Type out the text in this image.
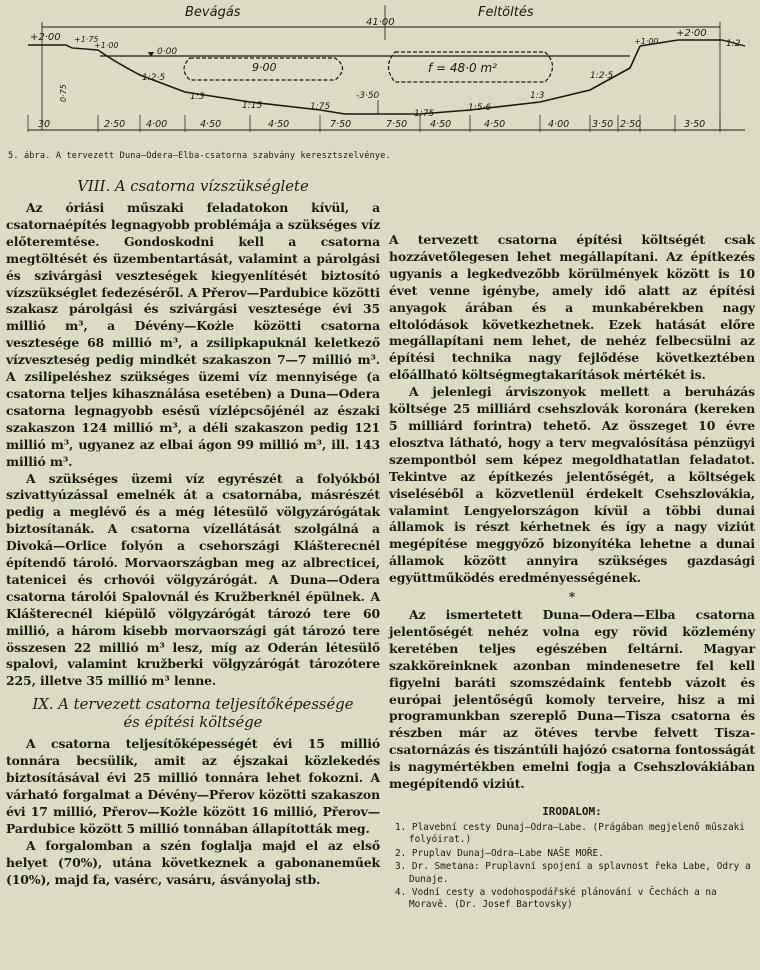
Bevágás	Feltöltés
41·00
0·00
9·00	f = 48·0 m²
+2·00 +1·75
+1·00	+1·00
+2·00
1:2
-3·50
0·75
1:2·5
1:3
1:15	1:75
1:75
1:5·6
1:3
1:2·5
30	2·50 4·00	4·50	4·50	7·50	7·50 4·50	4·50	4·00 3·50 2·50	3·50
5. ábra. A tervezett Duna—Odera—Elba-csatorna szabvány keresztszelvénye.
VIII. A csatorna vízszükséglete

Az óriási műszaki feladatokon kívül, a csatornaépítés legnagyobb problémája a szükséges víz előteremtése. Gondoskodni kell a csatorna megtöltését és üzembentartását, valamint a párolgási és szivárgási veszteségek kiegyenlítését biztosító vízszükséglet fedezéséről. A Přerov—Pardubice közötti szakasz párolgási és szivárgási vesztesége évi 35 millió m³, a Dévény—Kożle közötti csatorna vesztesége 68 millió m³, a zsilipkapuknál keletkező vízveszteség pedig mindkét szakaszon 7—7 millió m³. A zsilipeléshez szükséges üzemi víz mennyisége (a csatorna teljes kihasználása esetében) a Duna—Odera csatorna legnagyobb esésű vízlépcsőjénél az északi szakaszon 124 millió m³, a déli szakaszon pedig 121 millió m³, ugyanez az elbai ágon 99 millió m³, ill. 143 millió m³.

A szükséges üzemi víz egyrészét a folyókból szivattyúzással emelnék át a csatornába, másrészét pedig a meglévő és a még létesülő völgyzárógátak biztosítanák. A csatorna vízellátását szolgálná a Divoká—Orlice folyón a csehországi Klášterecnél építendő tároló. Morvaországban meg az albrecticei, tatenicei és crhovói völgyzárógát. A Duna—Odera csatorna tárolói Spalovnál és Kružberknél épülnek. A Klášterecnél kiépülő völgyzárógát tározó tere 60 millió, a három kisebb morvaországi gát tározó tere összesen 22 millió m³ lesz, míg az Oderán létesülő spalovi, valamint kružberki völgyzárógát tározótere 225, illetve 35 millió m³ lenne.

IX. A tervezett csatorna teljesítőképessége
és építési költsége

A csatorna teljesítőképességét évi 15 millió tonnára becsülik, amit az éjszakai közlekedés biztosításával évi 25 millió tonnára lehet fokozni. A várható forgalmat a Dévény—Přerov közötti szakaszon évi 17 millió, Přerov—Kożle között 16 millió, Přerov—Pardubice között 5 millió tonnában állapították meg.

A forgalomban a szén foglalja majd el az első helyet (70%), utána következnek a gabonaneműek (10%), majd fa, vasérc, vasáru, ásványolaj stb.

A tervezett csatorna építési költségét csak hozzávetőlegesen lehet megállapítani. Az építkezés ugyanis a legkedvezőbb körülmények között is 10 évet venne igénybe, amely idő alatt az építési anyagok árában és a munkabérekben nagy eltolódások következhetnek. Ezek hatását előre megállapítani nem lehet, de nehéz felbecsülni az építési technika nagy fejlődése következtében előállható költségmegtakarítások mértékét is.

A jelenlegi árviszonyok mellett a beruházás költsége 25 milliárd csehszlovák koronára (kereken 5 milliárd forintra) tehető. Az összeget 10 évre elosztva látható, hogy a terv megvalósítása pénzügyi szempontból sem képez megoldhatatlan feladatot. Tekintve az építkezés jelentőségét, a költségek viseléséből a közvetlenül érdekelt Csehszlovákia, valamint Lengyelországon kívül a többi dunai államok is részt kérhetnek és így a nagy viziút megépítése meggyőző bizonyítéka lehetne a dunai államok között annyira szükséges gazdasági együttműködés eredményességének.

*

Az ismertetett Duna—Odera—Elba csatorna jelentőségét nehéz volna egy rövid közlemény keretében teljes egészében feltárni. Magyar szakköreinknek azonban mindenesetre fel kell figyelni baráti szomszédaink fentebb vázolt és európai jelentőségű komoly terveire, hisz a mi programunkban szereplő Duna—Tisza csatorna és részben már az ötéves tervbe felvett Tisza-csatornázás és tiszántúli hajózó csatorna fontosságát is nagymértékben emelni fogja a Csehszlovákiában megépítendő viziút.

IRODALOM:
1. Plavební cesty Dunaj—Odra—Labe. (Prágában megjelenő műszaki folyóirat.)
2. Pruplav Dunaj—Odra—Labe NAŠE MOŘE.
3. Dr. Smetana: Pruplavní spojení a splavnost řeka Labe, Odry a Dunaje.
4. Vodní cesty a vodohospodářské plánování v Čechách a na Moravě. (Dr. Josef Bartovsky)
